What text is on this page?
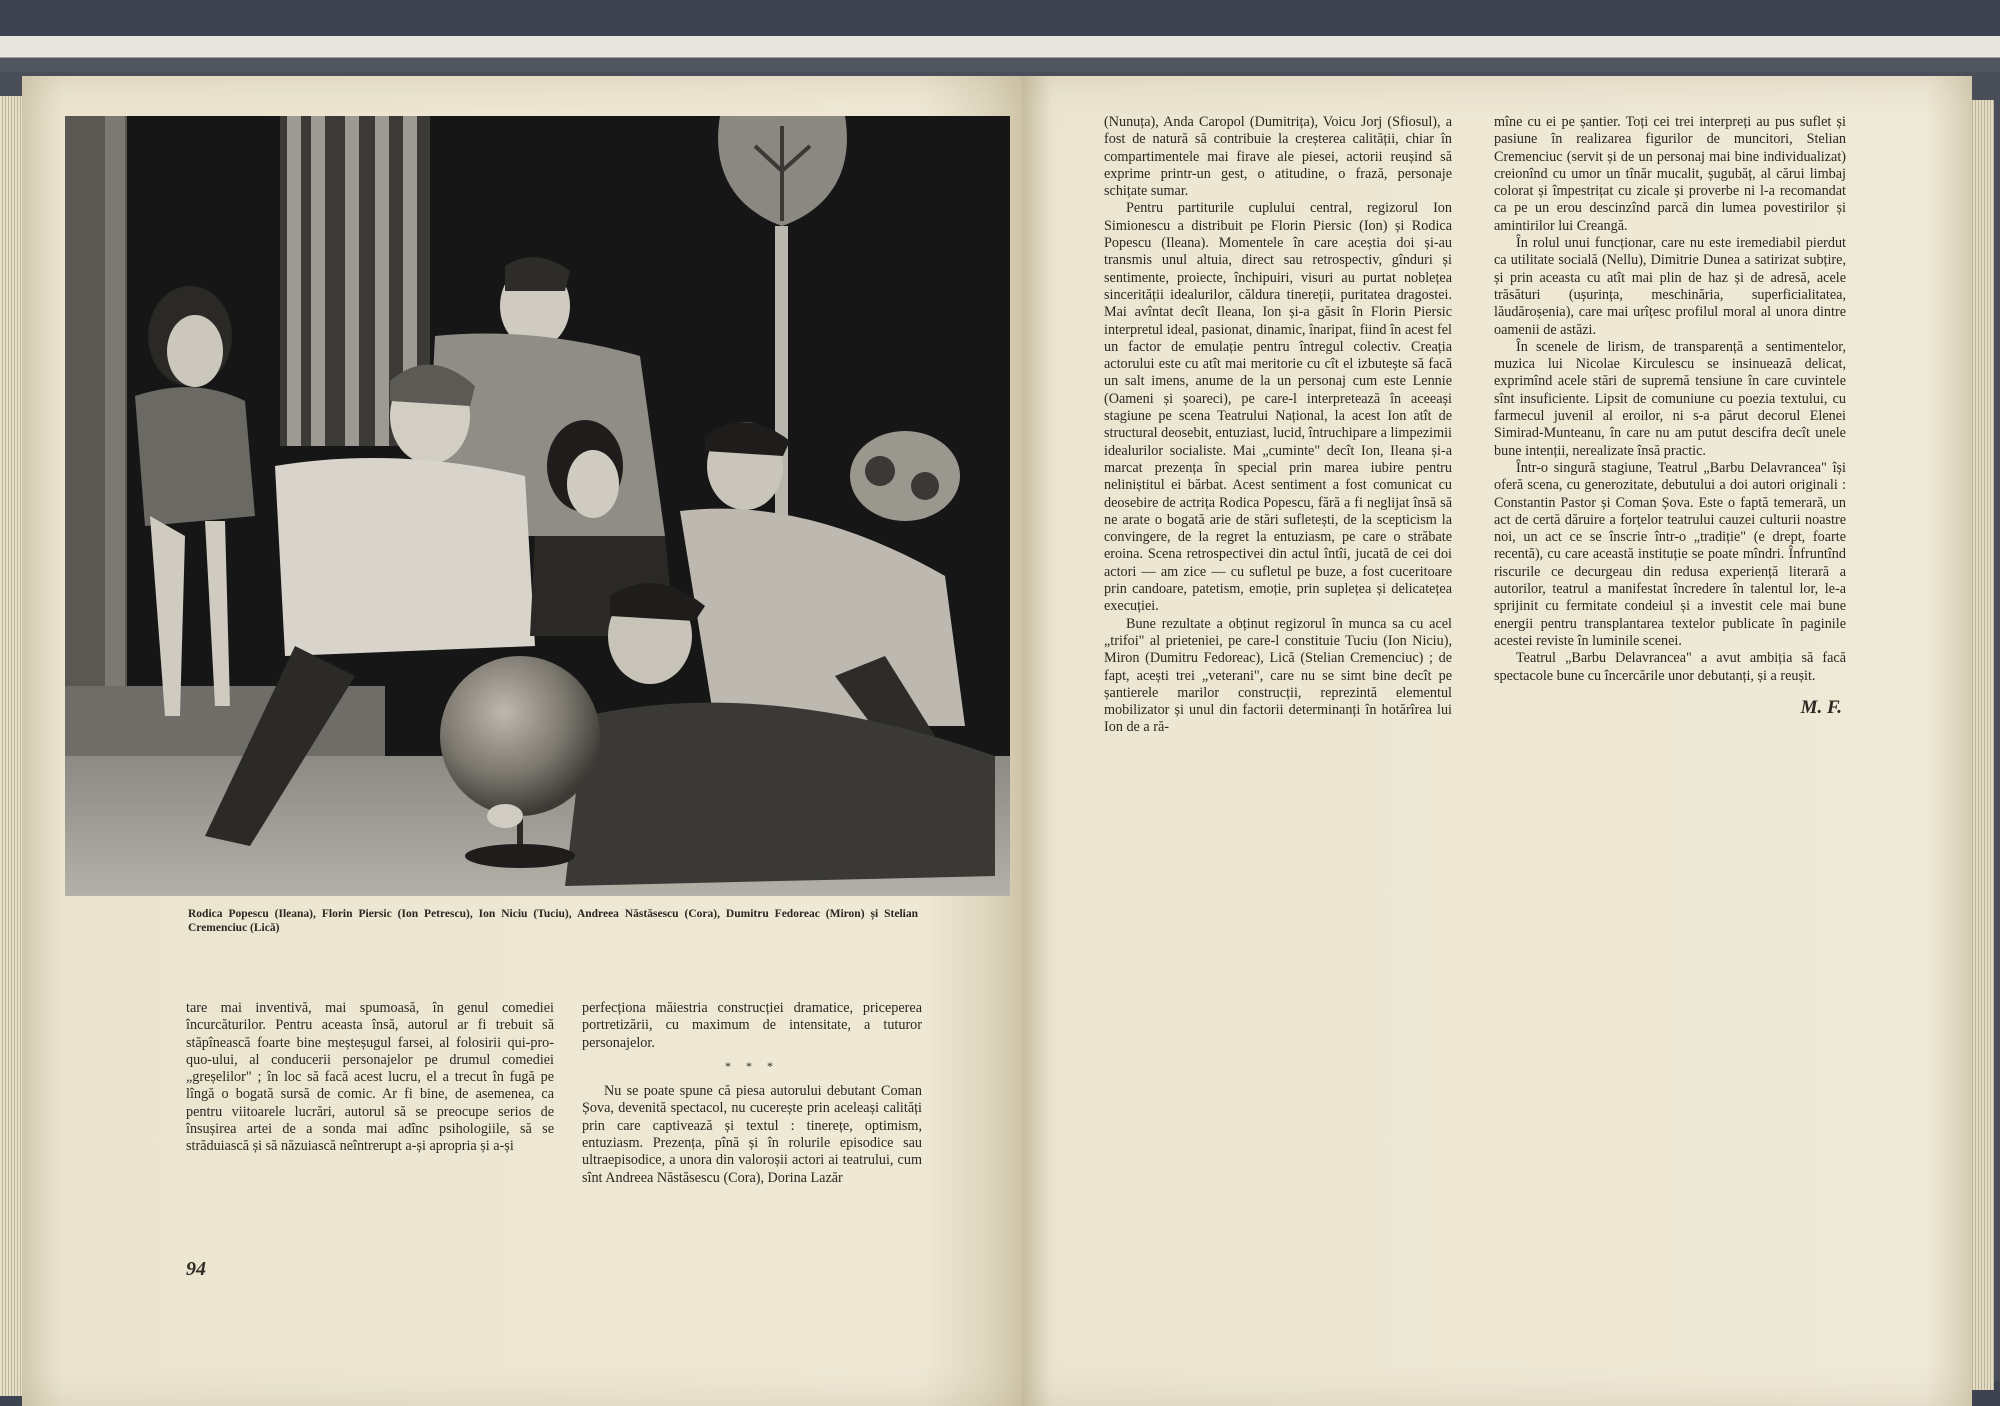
Rodica Popescu (Ileana), Florin Piersic (Ion Petrescu), Ion Niciu (Tuciu), Andreea Năstăsescu (Cora), Dumitru Fedoreac (Miron) și Stelian Cremenciuc (Lică)

tare mai inventivă, mai spumoasă, în genul comediei încurcăturilor. Pentru aceasta însă, autorul ar fi trebuit să stăpînească foarte bine meșteșugul farsei, al folosirii qui-pro-quo-ului, al conducerii personajelor pe drumul comediei „greșelilor" ; în loc să facă acest lucru, el a trecut în fugă pe lîngă o bogată sursă de comic. Ar fi bine, de asemenea, ca pentru viitoarele lucrări, autorul să se preocupe serios de însușirea artei de a sonda mai adînc psihologiile, să se străduiască și să năzuiască neîntrerupt a-și apropria și a-și

perfecționa măiestria construcției dramatice, priceperea portretizării, cu maximum de intensitate, a tuturor personajelor.

* * *

Nu se poate spune că piesa autorului debutant Coman Șova, devenită spectacol, nu cucerește prin aceleași calități prin care captivează și textul : tinerețe, optimism, entuziasm. Prezența, pînă și în rolurile episodice sau ultraepisodice, a unora din valoroșii actori ai teatrului, cum sînt Andreea Năstăsescu (Cora), Dorina Lazăr

94

(Nunuța), Anda Caropol (Dumitrița), Voicu Jorj (Sfiosul), a fost de natură să contribuie la creșterea calității, chiar în compartimentele mai firave ale piesei, actorii reușind să exprime printr-un gest, o atitudine, o frază, personaje schițate sumar.

Pentru partiturile cuplului central, regizorul Ion Simionescu a distribuit pe Florin Piersic (Ion) și Rodica Popescu (Ileana). Momentele în care aceștia doi și-au transmis unul altuia, direct sau retrospectiv, gînduri și sentimente, proiecte, închipuiri, visuri au purtat noblețea sincerității idealurilor, căldura tinereții, puritatea dragostei. Mai avîntat decît Ileana, Ion și-a găsit în Florin Piersic interpretul ideal, pasionat, dinamic, înaripat, fiind în acest fel un factor de emulație pentru întregul colectiv. Creația actorului este cu atît mai meritorie cu cît el izbutește să facă un salt imens, anume de la un personaj cum este Lennie (Oameni și șoareci), pe care-l interpretează în aceeași stagiune pe scena Teatrului Național, la acest Ion atît de structural deosebit, entuziast, lucid, întruchipare a limpezimii idealurilor socialiste. Mai „cuminte" decît Ion, Ileana și-a marcat prezența în special prin marea iubire pentru neliniștitul ei bărbat. Acest sentiment a fost comunicat cu deosebire de actrița Rodica Popescu, fără a fi neglijat însă să ne arate o bogată arie de stări sufletești, de la scepticism la convingere, de la regret la entuziasm, pe care o străbate eroina. Scena retrospectivei din actul întîi, jucată de cei doi actori — am zice — cu sufletul pe buze, a fost cuceritoare prin candoare, patetism, emoție, prin suplețea și delicatețea execuției.

Bune rezultate a obținut regizorul în munca sa cu acel „trifoi" al prieteniei, pe care-l constituie Tuciu (Ion Niciu), Miron (Dumitru Fedoreac), Lică (Stelian Cremenciuc) ; de fapt, acești trei „veterani", care nu se simt bine decît pe șantierele marilor construcții, reprezintă elementul mobilizator și unul din factorii determinanți în hotărîrea lui Ion de a ră-

mîne cu ei pe șantier. Toți cei trei interpreți au pus suflet și pasiune în realizarea figurilor de muncitori, Stelian Cremenciuc (servit și de un personaj mai bine individualizat) creionînd cu umor un tînăr mucalit, șugubăț, al cărui limbaj colorat și împestrițat cu zicale și proverbe ni l-a recomandat ca pe un erou descinzînd parcă din lumea povestirilor și amintirilor lui Creangă.

În rolul unui funcționar, care nu este iremediabil pierdut ca utilitate socială (Nellu), Dimitrie Dunea a satirizat subțire, și prin aceasta cu atît mai plin de haz și de adresă, acele trăsături (ușurința, meschinăria, superficialitatea, lăudăroșenia), care mai urîțesc profilul moral al unora dintre oamenii de astăzi.

În scenele de lirism, de transparență a sentimentelor, muzica lui Nicolae Kirculescu se insinuează delicat, exprimînd acele stări de supremă tensiune în care cuvintele sînt insuficiente. Lipsit de comuniune cu poezia textului, cu farmecul juvenil al eroilor, ni s-a părut decorul Elenei Simirad-Munteanu, în care nu am putut descifra decît unele bune intenții, nerealizate însă practic.

Într-o singură stagiune, Teatrul „Barbu Delavrancea" își oferă scena, cu generozitate, debutului a doi autori originali : Constantin Pastor și Coman Șova. Este o faptă temerară, un act de certă dăruire a forțelor teatrului cauzei culturii noastre noi, un act ce se înscrie într-o „tradiție" (e drept, foarte recentă), cu care această instituție se poate mîndri. Înfruntînd riscurile ce decurgeau din redusa experiență literară a autorilor, teatrul a manifestat încredere în talentul lor, le-a sprijinit cu fermitate condeiul și a investit cele mai bune energii pentru transplantarea textelor publicate în paginile acestei reviste în luminile scenei.

Teatrul „Barbu Delavrancea" a avut ambiția să facă spectacole bune cu încercările unor debutanți, și a reușit.

M. F.
